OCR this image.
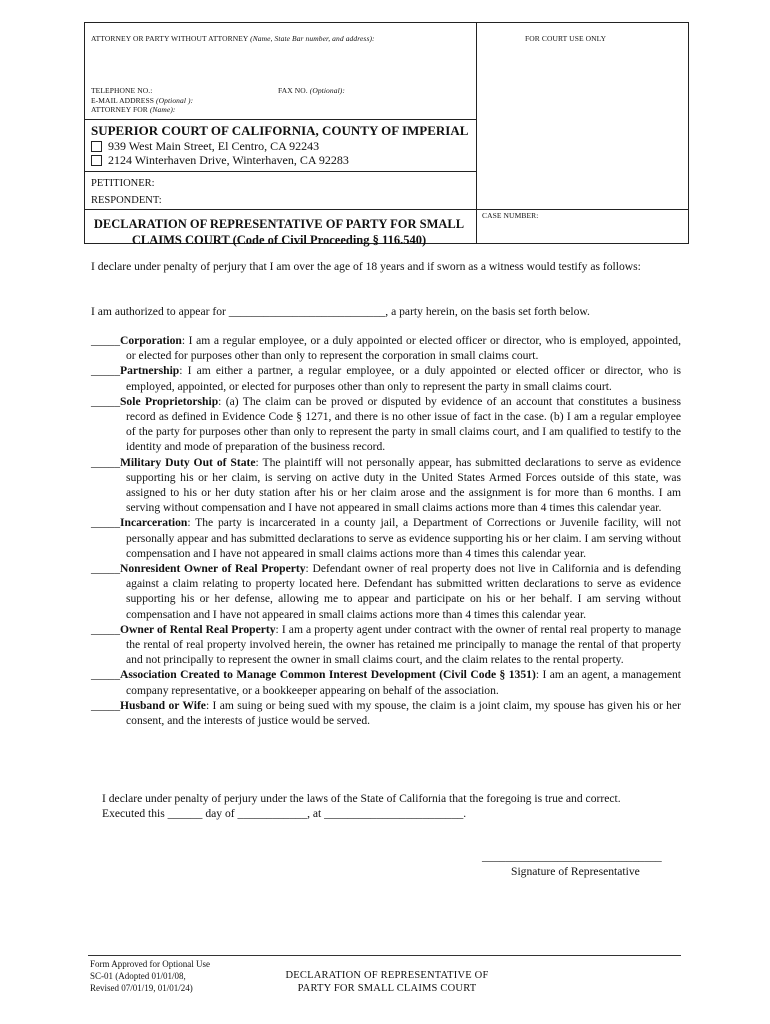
ATTORNEY OR PARTY WITHOUT ATTORNEY (Name, State Bar number, and address):	FOR COURT USE ONLY
TELEPHONE NO.:	FAX NO. (Optional):
E-MAIL ADDRESS (Optional ):
ATTORNEY FOR (Name):
SUPERIOR COURT OF CALIFORNIA, COUNTY OF IMPERIAL
939 West Main Street, El Centro, CA 92243
2124 Winterhaven Drive, Winterhaven, CA 92283
PETITIONER:
RESPONDENT:
CASE NUMBER:
DECLARATION OF REPRESENTATIVE OF PARTY FOR SMALL
CLAIMS COURT (Code of Civil Proceeding § 116.540)
I declare under penalty of perjury that I am over the age of 18 years and if sworn as a witness would testify as follows:
I am authorized to appear for ___________________________, a party herein, on the basis set forth below.

_____Corporation: I am a regular employee, or a duly appointed or elected officer or director, who is employed, appointed, or elected for purposes other than only to represent the corporation in small claims court.

_____Partnership: I am either a partner, a regular employee, or a duly appointed or elected officer or director, who is employed, appointed, or elected for purposes other than only to represent the party in small claims court.

_____Sole Proprietorship: (a) The claim can be proved or disputed by evidence of an account that constitutes a business record as defined in Evidence Code § 1271, and there is no other issue of fact in the case. (b) I am a regular employee of the party for purposes other than only to represent the party in small claims court, and I am qualified to testify to the identity and mode of preparation of the business record.

_____Military Duty Out of State: The plaintiff will not personally appear, has submitted declarations to serve as evidence supporting his or her claim, is serving on active duty in the United States Armed Forces outside of this state, was assigned to his or her duty station after his or her claim arose and the assignment is for more than 6 months. I am serving without compensation and I have not appeared in small claims actions more than 4 times this calendar year.

_____Incarceration: The party is incarcerated in a county jail, a Department of Corrections or Juvenile facility, will not personally appear and has submitted declarations to serve as evidence supporting his or her claim. I am serving without compensation and I have not appeared in small claims actions more than 4 times this calendar year.

_____Nonresident Owner of Real Property: Defendant owner of real property does not live in California and is defending against a claim relating to property located here. Defendant has submitted written declarations to serve as evidence supporting his or her defense, allowing me to appear and participate on his or her behalf. I am serving without compensation and I have not appeared in small claims actions more than 4 times this calendar year.

_____Owner of Rental Real Property: I am a property agent under contract with the owner of rental real property to manage the rental of real property involved herein, the owner has retained me principally to manage the rental of that property and not principally to represent the owner in small claims court, and the claim relates to the rental property.

_____Association Created to Manage Common Interest Development (Civil Code § 1351): I am an agent, a management company representative, or a bookkeeper appearing on behalf of the association.

_____Husband or Wife: I am suing or being sued with my spouse, the claim is a joint claim, my spouse has given his or her consent, and the interests of justice would be served.

I declare under penalty of perjury under the laws of the State of California that the foregoing is true and correct.
Executed this ______ day of ____________, at ________________________.
_______________________________
Signature of Representative
Form Approved for Optional Use
SC-01 (Adopted 01/01/08,
Revised 07/01/19, 01/01/24)
DECLARATION OF REPRESENTATIVE OF
PARTY FOR SMALL CLAIMS COURT
